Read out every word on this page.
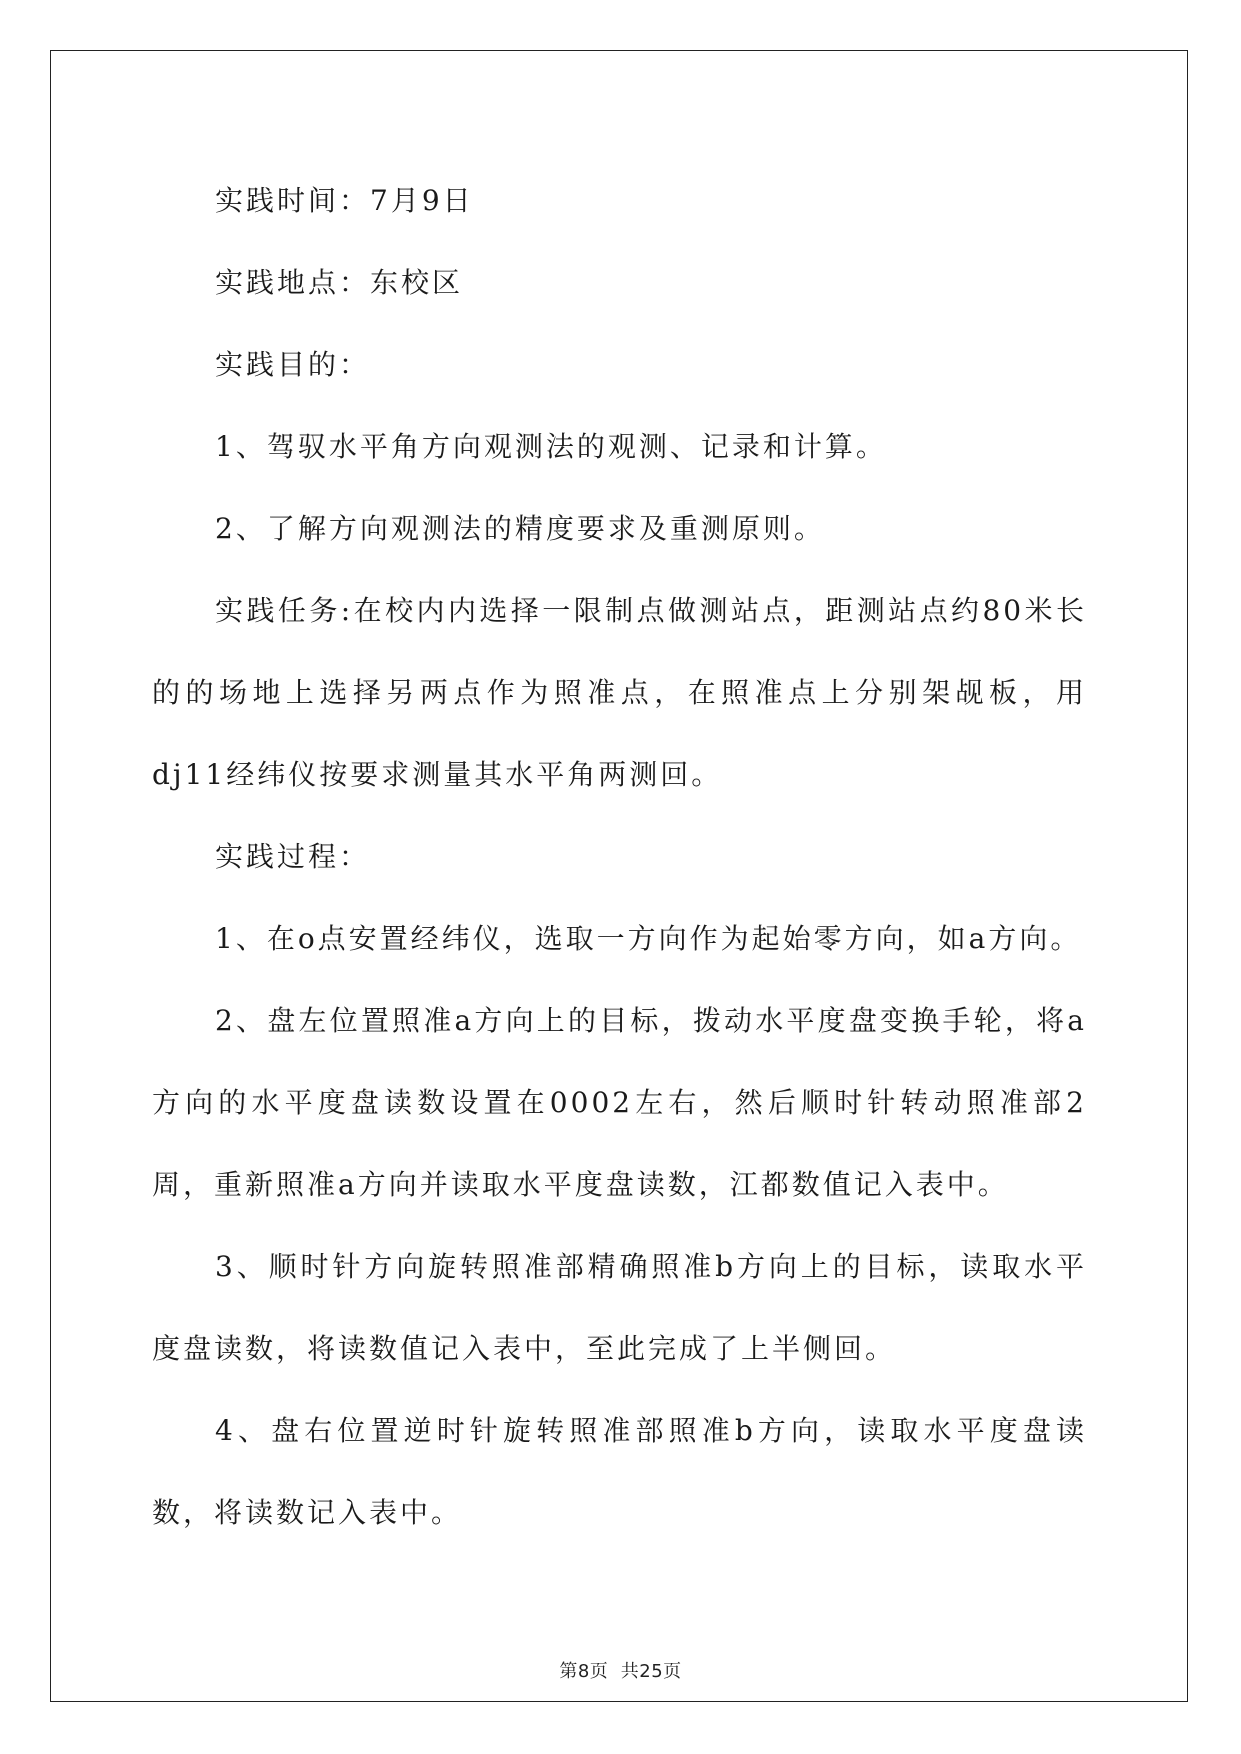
实践时间：7月9日

实践地点：东校区

实践目的：

1、驾驭水平角方向观测法的观测、记录和计算。

2、了解方向观测法的精度要求及重测原则。

实践任务:在校内内选择一限制点做测站点，距测站点约80米长的的场地上选择另两点作为照准点，在照准点上分别架觇板，用dj11经纬仪按要求测量其水平角两测回。

实践过程：

1、在o点安置经纬仪，选取一方向作为起始零方向，如a方向。

2、盘左位置照准a方向上的目标，拨动水平度盘变换手轮，将a方向的水平度盘读数设置在0002左右，然后顺时针转动照准部2周，重新照准a方向并读取水平度盘读数，江都数值记入表中。

3、顺时针方向旋转照准部精确照准b方向上的目标，读取水平度盘读数，将读数值记入表中，至此完成了上半侧回。

4、盘右位置逆时针旋转照准部照准b方向，读取水平度盘读数，将读数记入表中。

第8页  共25页
